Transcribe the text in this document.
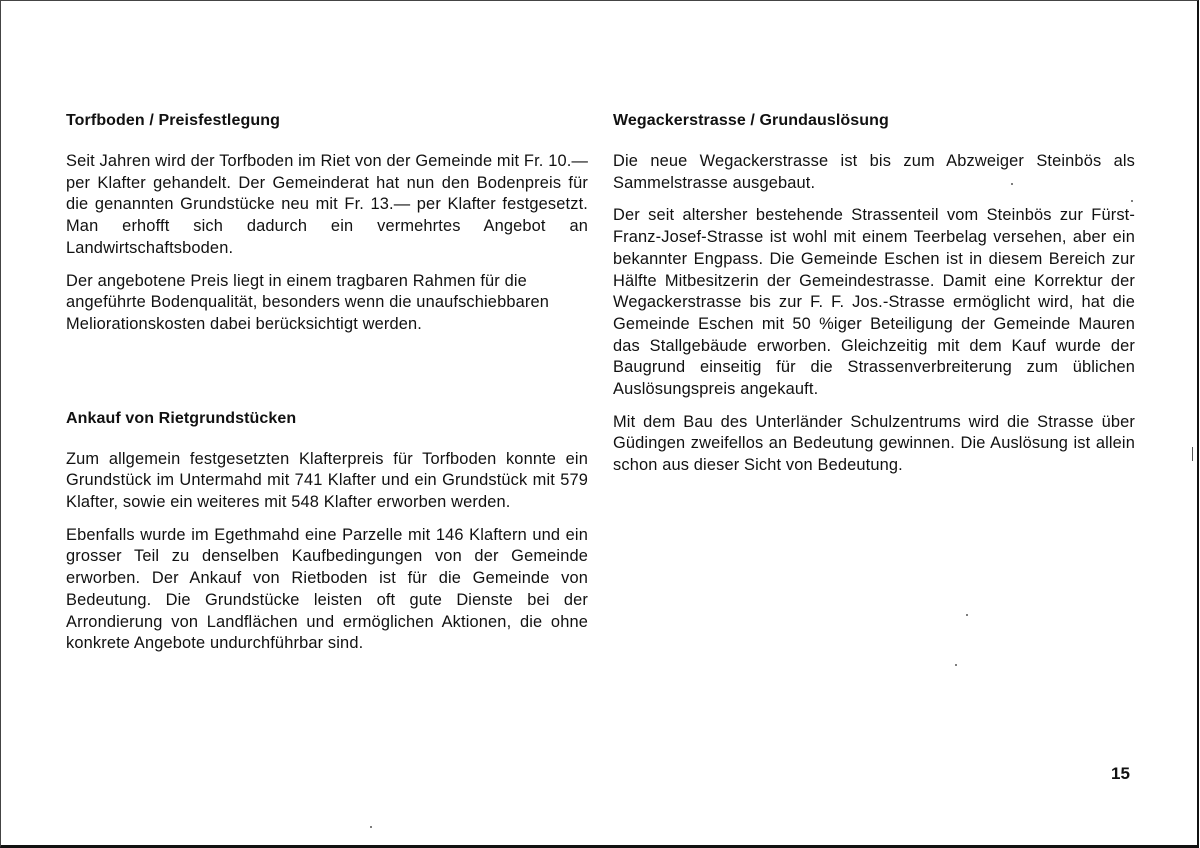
Torfboden / Preisfestlegung

Seit Jahren wird der Torfboden im Riet von der Gemeinde mit Fr. 10.— per Klafter gehandelt. Der Gemeinderat hat nun den Bodenpreis für die genannten Grundstücke neu mit Fr. 13.— per Klafter festgesetzt. Man erhofft sich dadurch ein vermehrtes Angebot an Landwirtschaftsboden.

Der angebotene Preis liegt in einem tragbaren Rahmen für die angeführte Bodenqualität, besonders wenn die unaufschiebbaren Meliorationskosten dabei berücksichtigt werden.

Ankauf von Rietgrundstücken

Zum allgemein festgesetzten Klafterpreis für Torfboden konnte ein Grundstück im Untermahd mit 741 Klafter und ein Grundstück mit 579 Klafter, sowie ein weiteres mit 548 Klafter erworben werden.

Ebenfalls wurde im Egethmahd eine Parzelle mit 146 Klaftern und ein grosser Teil zu denselben Kaufbedingungen von der Gemeinde erworben. Der Ankauf von Rietboden ist für die Gemeinde von Bedeutung. Die Grundstücke leisten oft gute Dienste bei der Arrondierung von Landflächen und ermöglichen Aktionen, die ohne konkrete Angebote undurchführbar sind.

Wegackerstrasse / Grundauslösung

Die neue Wegackerstrasse ist bis zum Abzweiger Steinbös als Sammelstrasse ausgebaut.

Der seit altersher bestehende Strassenteil vom Steinbös zur Fürst-Franz-Josef-Strasse ist wohl mit einem Teerbelag versehen, aber ein bekannter Engpass. Die Gemeinde Eschen ist in diesem Bereich zur Hälfte Mitbesitzerin der Gemeindestrasse. Damit eine Korrektur der Wegackerstrasse bis zur F. F. Jos.-Strasse ermöglicht wird, hat die Gemeinde Eschen mit 50 %iger Beteiligung der Gemeinde Mauren das Stallgebäude erworben. Gleichzeitig mit dem Kauf wurde der Baugrund einseitig für die Strassenverbreiterung zum üblichen Auslösungspreis angekauft.

Mit dem Bau des Unterländer Schulzentrums wird die Strasse über Güdingen zweifellos an Bedeutung gewinnen. Die Auslösung ist allein schon aus dieser Sicht von Bedeutung.

15
